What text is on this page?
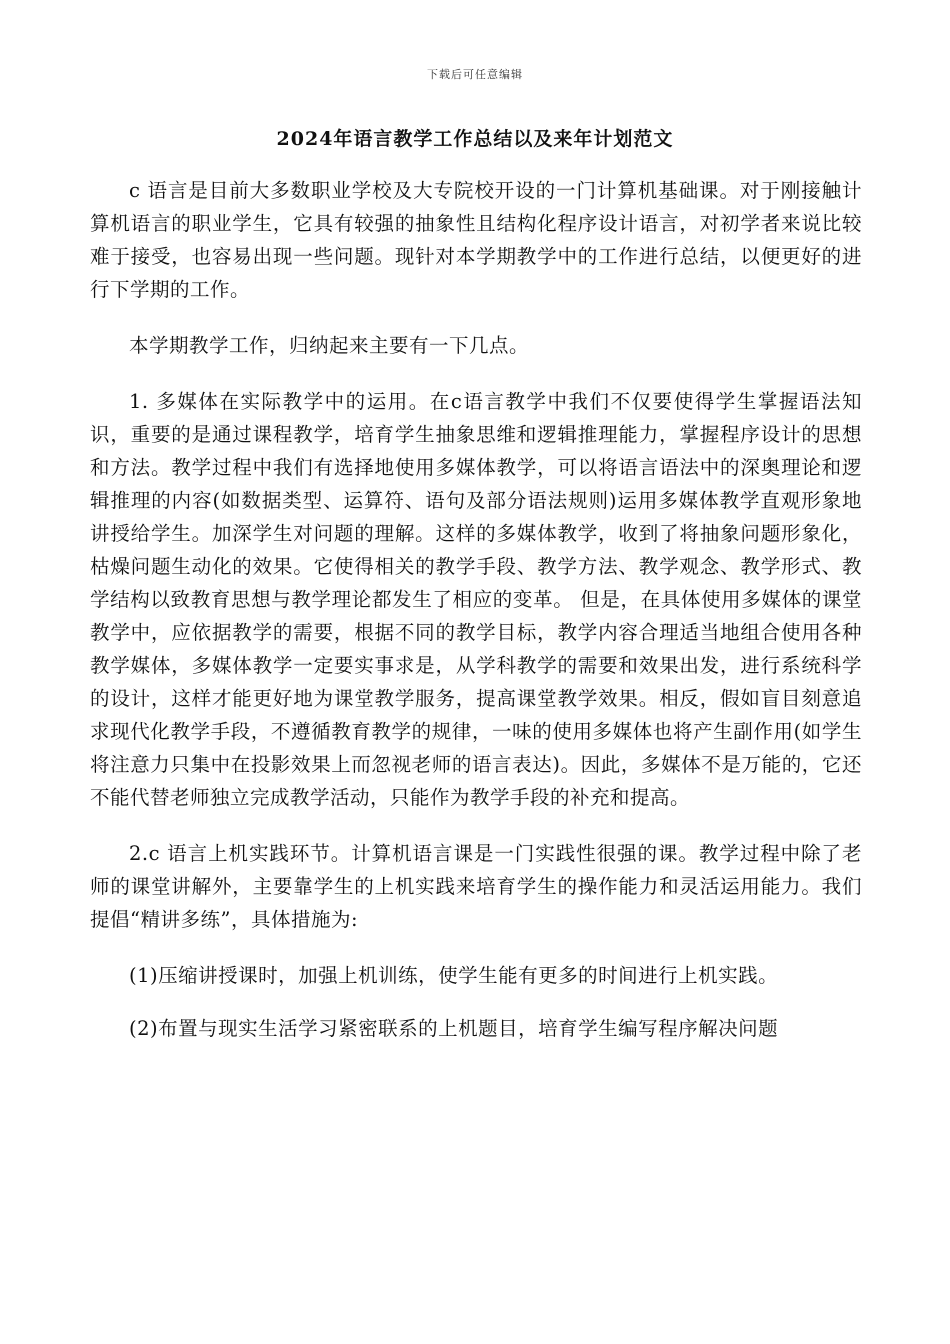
下载后可任意编辑
2024年语言教学工作总结以及来年计划范文

c 语言是目前大多数职业学校及大专院校开设的一门计算机基础课。对于刚接触计算机语言的职业学生，它具有较强的抽象性且结构化程序设计语言，对初学者来说比较难于接受，也容易出现一些问题。现针对本学期教学中的工作进行总结，以便更好的进行下学期的工作。

本学期教学工作，归纳起来主要有一下几点。

1. 多媒体在实际教学中的运用。在c语言教学中我们不仅要使得学生掌握语法知识，重要的是通过课程教学，培育学生抽象思维和逻辑推理能力，掌握程序设计的思想和方法。教学过程中我们有选择地使用多媒体教学，可以将语言语法中的深奥理论和逻辑推理的内容(如数据类型、运算符、语句及部分语法规则)运用多媒体教学直观形象地讲授给学生。加深学生对问题的理解。这样的多媒体教学，收到了将抽象问题形象化，枯燥问题生动化的效果。它使得相关的教学手段、教学方法、教学观念、教学形式、教学结构以致教育思想与教学理论都发生了相应的变革。 但是，在具体使用多媒体的课堂教学中，应依据教学的需要，根据不同的教学目标，教学内容合理适当地组合使用各种教学媒体，多媒体教学一定要实事求是，从学科教学的需要和效果出发，进行系统科学的设计，这样才能更好地为课堂教学服务，提高课堂教学效果。相反，假如盲目刻意追求现代化教学手段，不遵循教育教学的规律，一味的使用多媒体也将产生副作用(如学生将注意力只集中在投影效果上而忽视老师的语言表达)。因此，多媒体不是万能的，它还不能代替老师独立完成教学活动，只能作为教学手段的补充和提高。

2.c 语言上机实践环节。计算机语言课是一门实践性很强的课。教学过程中除了老师的课堂讲解外，主要靠学生的上机实践来培育学生的操作能力和灵活运用能力。我们提倡“精讲多练”，具体措施为:

(1)压缩讲授课时，加强上机训练，使学生能有更多的时间进行上机实践。

(2)布置与现实生活学习紧密联系的上机题目，培育学生编写程序解决问题
